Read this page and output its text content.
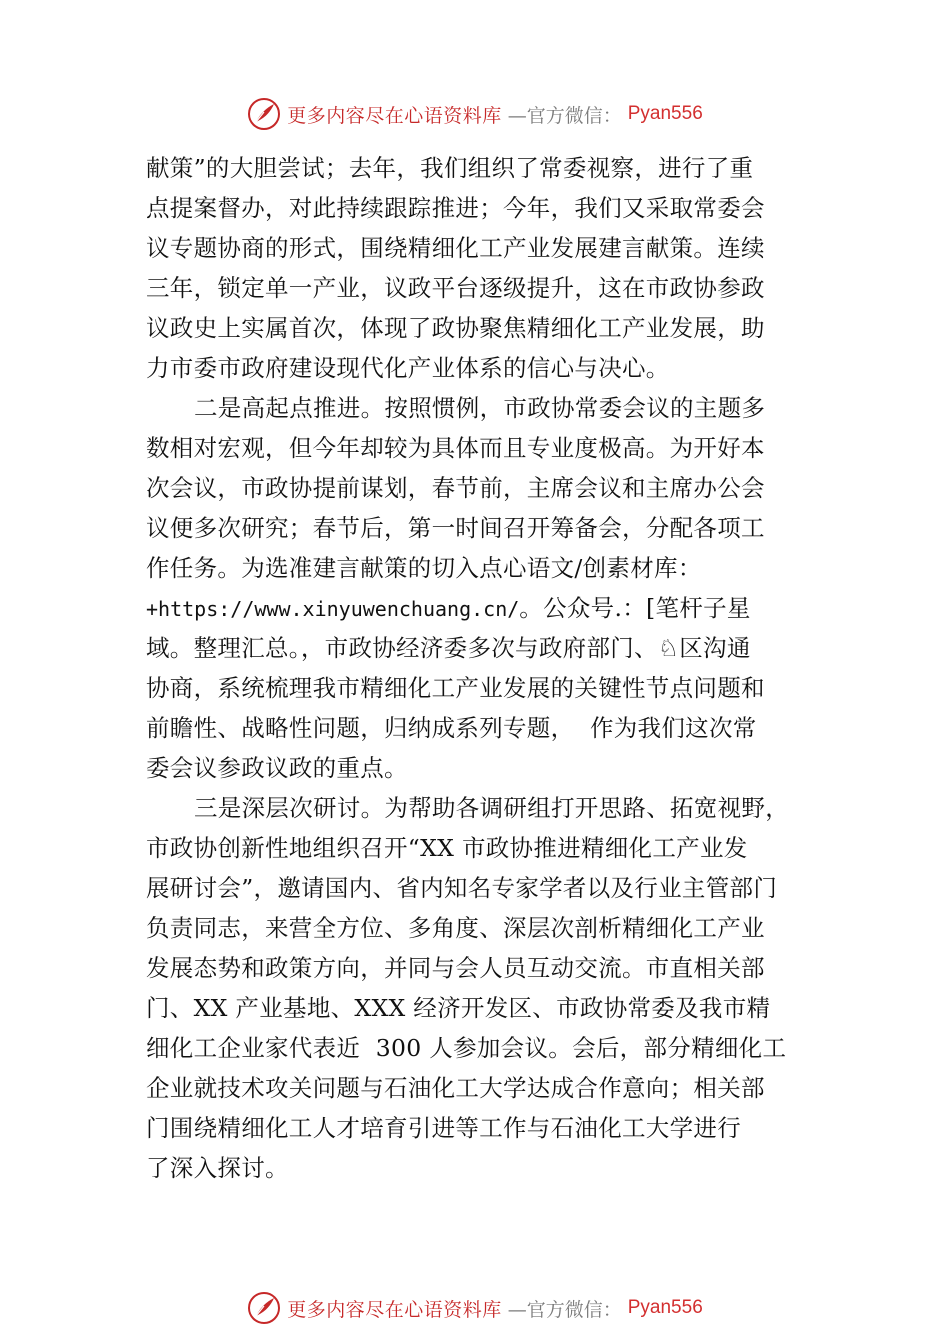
更多内容尽在心语资料库 —官方微信： Pyan556
献策”的大胆尝试；去年，我们组织了常委视察，进行了重
点提案督办，对此持续跟踪推进；今年，我们又采取常委会
议专题协商的形式，围绕精细化工产业发展建言献策。连续
三年，锁定单一产业，议政平台逐级提升，这在市政协参政
议政史上实属首次，体现了政协聚焦精细化工产业发展，助
力市委市政府建设现代化产业体系的信心与决心。
二是高起点推进。按照惯例，市政协常委会议的主题多
数相对宏观，但今年却较为具体而且专业度极高。为开好本
次会议，市政协提前谋划，春节前，主席会议和主席办公会
议便多次研究；春节后，第一时间召开筹备会，分配各项工
作任务。为选准建言献策的切入点心语文/创素材库：
+https://www.xinyuwenchuang.cn/。公众号.：[笔杆子星
域。整理汇总。，市政协经济委多次与政府部门、♘区沟通
协商，系统梳理我市精细化工产业发展的关键性节点问题和
前瞻性、战略性问题，归纳成系列专题，  作为我们这次常
委会议参政议政的重点。
三是深层次研讨。为帮助各调研组打开思路、拓宽视野，
市政协创新性地组织召开“XX 市政协推进精细化工产业发
展研讨会”，邀请国内、省内知名专家学者以及行业主管部门
负责同志，来营全方位、多角度、深层次剖析精细化工产业
发展态势和政策方向，并同与会人员互动交流。市直相关部
门、XX 产业基地、XXX 经济开发区、市政协常委及我市精
细化工企业家代表近  300 人参加会议。会后，部分精细化工
企业就技术攻关问题与石油化工大学达成合作意向；相关部
门围绕精细化工人才培育引进等工作与石油化工大学进行
了深入探讨。
更多内容尽在心语资料库 —官方微信： Pyan556
